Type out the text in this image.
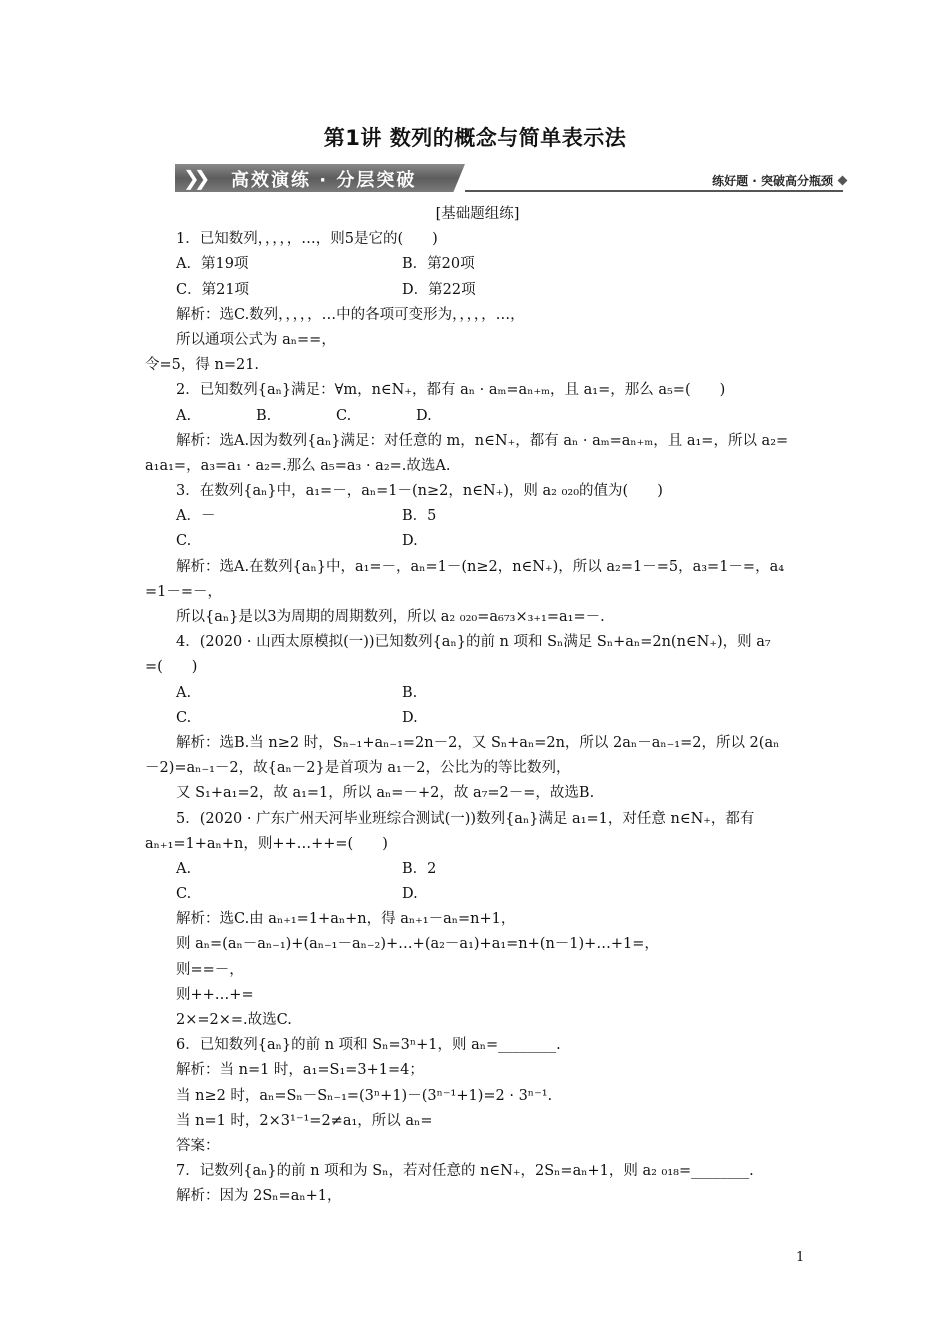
第1讲 数列的概念与简单表示法
❯❯ 高效演练 · 分层突破	练好题 · 突破高分瓶颈
[基础题组练]
1．已知数列，，，，，…，则5是它的(　　)
A．第19项	B．第20项
C．第21项	D．第22项
解析：选C.数列，，，，，…中的各项可变形为，，，，，…，
所以通项公式为 aₙ==，
令=5，得 n=21.
2．已知数列{aₙ}满足：∀m，n∈N₊，都有 aₙ · aₘ=aₙ₊ₘ，且 a₁=，那么 a₅=(　　)
A.	B.	C.	D.
解析：选A.因为数列{aₙ}满足：对任意的 m，n∈N₊，都有 aₙ · aₘ=aₙ₊ₘ，且 a₁=，所以 a₂=
a₁a₁=，a₃=a₁ · a₂=.那么 a₅=a₃ · a₂=.故选A.
3．在数列{aₙ}中，a₁=－，aₙ=1－(n≥2，n∈N₊)，则 a₂ ₀₂₀的值为(　　)
A．－	B．5
C.	D.
解析：选A.在数列{aₙ}中，a₁=－，aₙ=1－(n≥2，n∈N₊)，所以 a₂=1－=5，a₃=1－=，a₄
=1－=－，
所以{aₙ}是以3为周期的周期数列，所以 a₂ ₀₂₀=a₆₇₃×₃₊₁=a₁=－.
4．(2020 · 山西太原模拟(一))已知数列{aₙ}的前 n 项和 Sₙ满足 Sₙ+aₙ=2n(n∈N₊)，则 a₇
=(　　)
A.	B.
C.	D.
解析：选B.当 n≥2 时，Sₙ₋₁+aₙ₋₁=2n－2，又 Sₙ+aₙ=2n，所以 2aₙ－aₙ₋₁=2，所以 2(aₙ
－2)=aₙ₋₁－2，故{aₙ－2}是首项为 a₁－2，公比为的等比数列，
又 S₁+a₁=2，故 a₁=1，所以 aₙ=－+2，故 a₇=2－=，故选B.
5．(2020 · 广东广州天河毕业班综合测试(一))数列{aₙ}满足 a₁=1，对任意 n∈N₊，都有
aₙ₊₁=1+aₙ+n，则++…++=(　　)
A.	B．2
C.	D.
解析：选C.由 aₙ₊₁=1+aₙ+n，得 aₙ₊₁－aₙ=n+1，
则 aₙ=(aₙ－aₙ₋₁)+(aₙ₋₁－aₙ₋₂)+…+(a₂－a₁)+a₁=n+(n－1)+…+1=，
则==－，
则++…+=
2×=2×=.故选C.
6．已知数列{aₙ}的前 n 项和 Sₙ=3ⁿ+1，则 aₙ=________.
解析：当 n=1 时，a₁=S₁=3+1=4；
当 n≥2 时，aₙ=Sₙ－Sₙ₋₁=(3ⁿ+1)－(3ⁿ⁻¹+1)=2 · 3ⁿ⁻¹.
当 n=1 时，2×3¹⁻¹=2≠a₁，所以 aₙ=
答案：
7．记数列{aₙ}的前 n 项和为 Sₙ，若对任意的 n∈N₊，2Sₙ=aₙ+1，则 a₂ ₀₁₈=________.
解析：因为 2Sₙ=aₙ+1，
1
